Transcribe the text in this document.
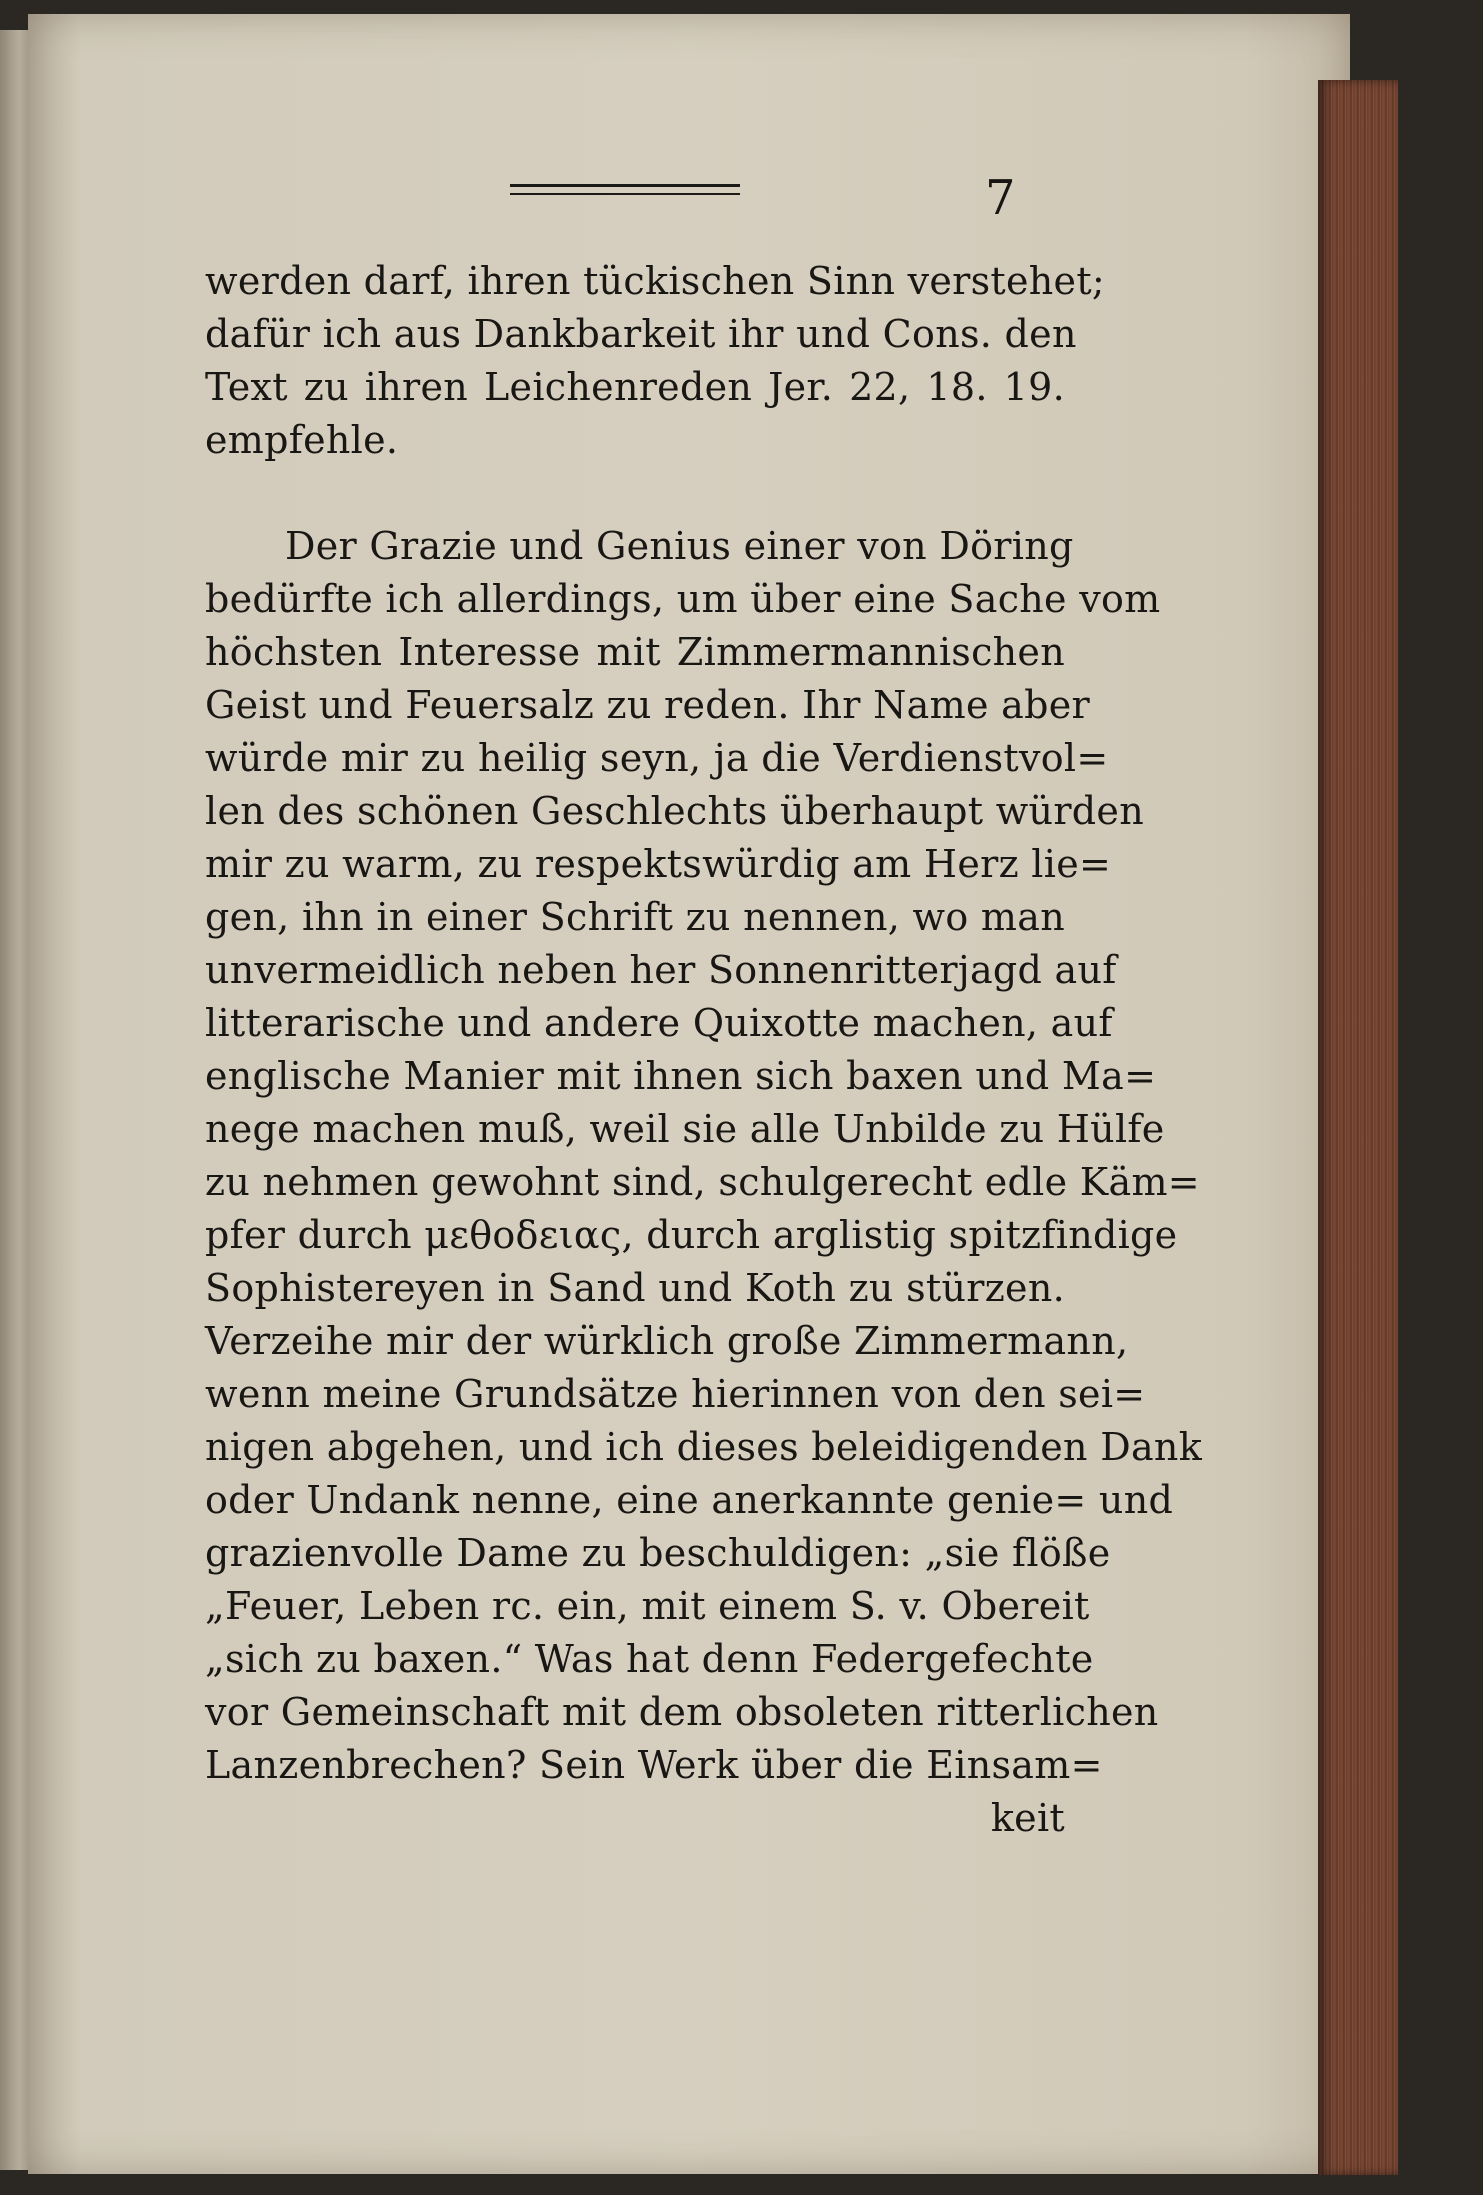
7
werden darf, ihren tückischen Sinn verstehet;
dafür ich aus Dankbarkeit ihr und Cons. den
Text zu ihren Leichenreden Jer. 22, 18. 19.
empfehle.
Der Grazie und Genius einer von Döring
bedürfte ich allerdings, um über eine Sache vom
höchsten Interesse mit Zimmermannischen
Geist und Feuersalz zu reden. Ihr Name aber
würde mir zu heilig seyn, ja die Verdienstvol=
len des schönen Geschlechts überhaupt würden
mir zu warm, zu respektswürdig am Herz lie=
gen, ihn in einer Schrift zu nennen, wo man
unvermeidlich neben her Sonnenritterjagd auf
litterarische und andere Quixotte machen, auf
englische Manier mit ihnen sich baxen und Ma=
nege machen muß, weil sie alle Unbilde zu Hülfe
zu nehmen gewohnt sind, schulgerecht edle Käm=
pfer durch μεθοδειας, durch arglistig spitzfindige
Sophistereyen in Sand und Koth zu stürzen.
Verzeihe mir der würklich große Zimmermann,
wenn meine Grundsätze hierinnen von den sei=
nigen abgehen, und ich dieses beleidigenden Dank
oder Undank nenne, eine anerkannte genie= und
grazienvolle Dame zu beschuldigen: „sie flöße
„Feuer, Leben rc. ein, mit einem S. v. Obereit
„sich zu baxen.“ Was hat denn Federgefechte
vor Gemeinschaft mit dem obsoleten ritterlichen
Lanzenbrechen? Sein Werk über die Einsam=
keit
